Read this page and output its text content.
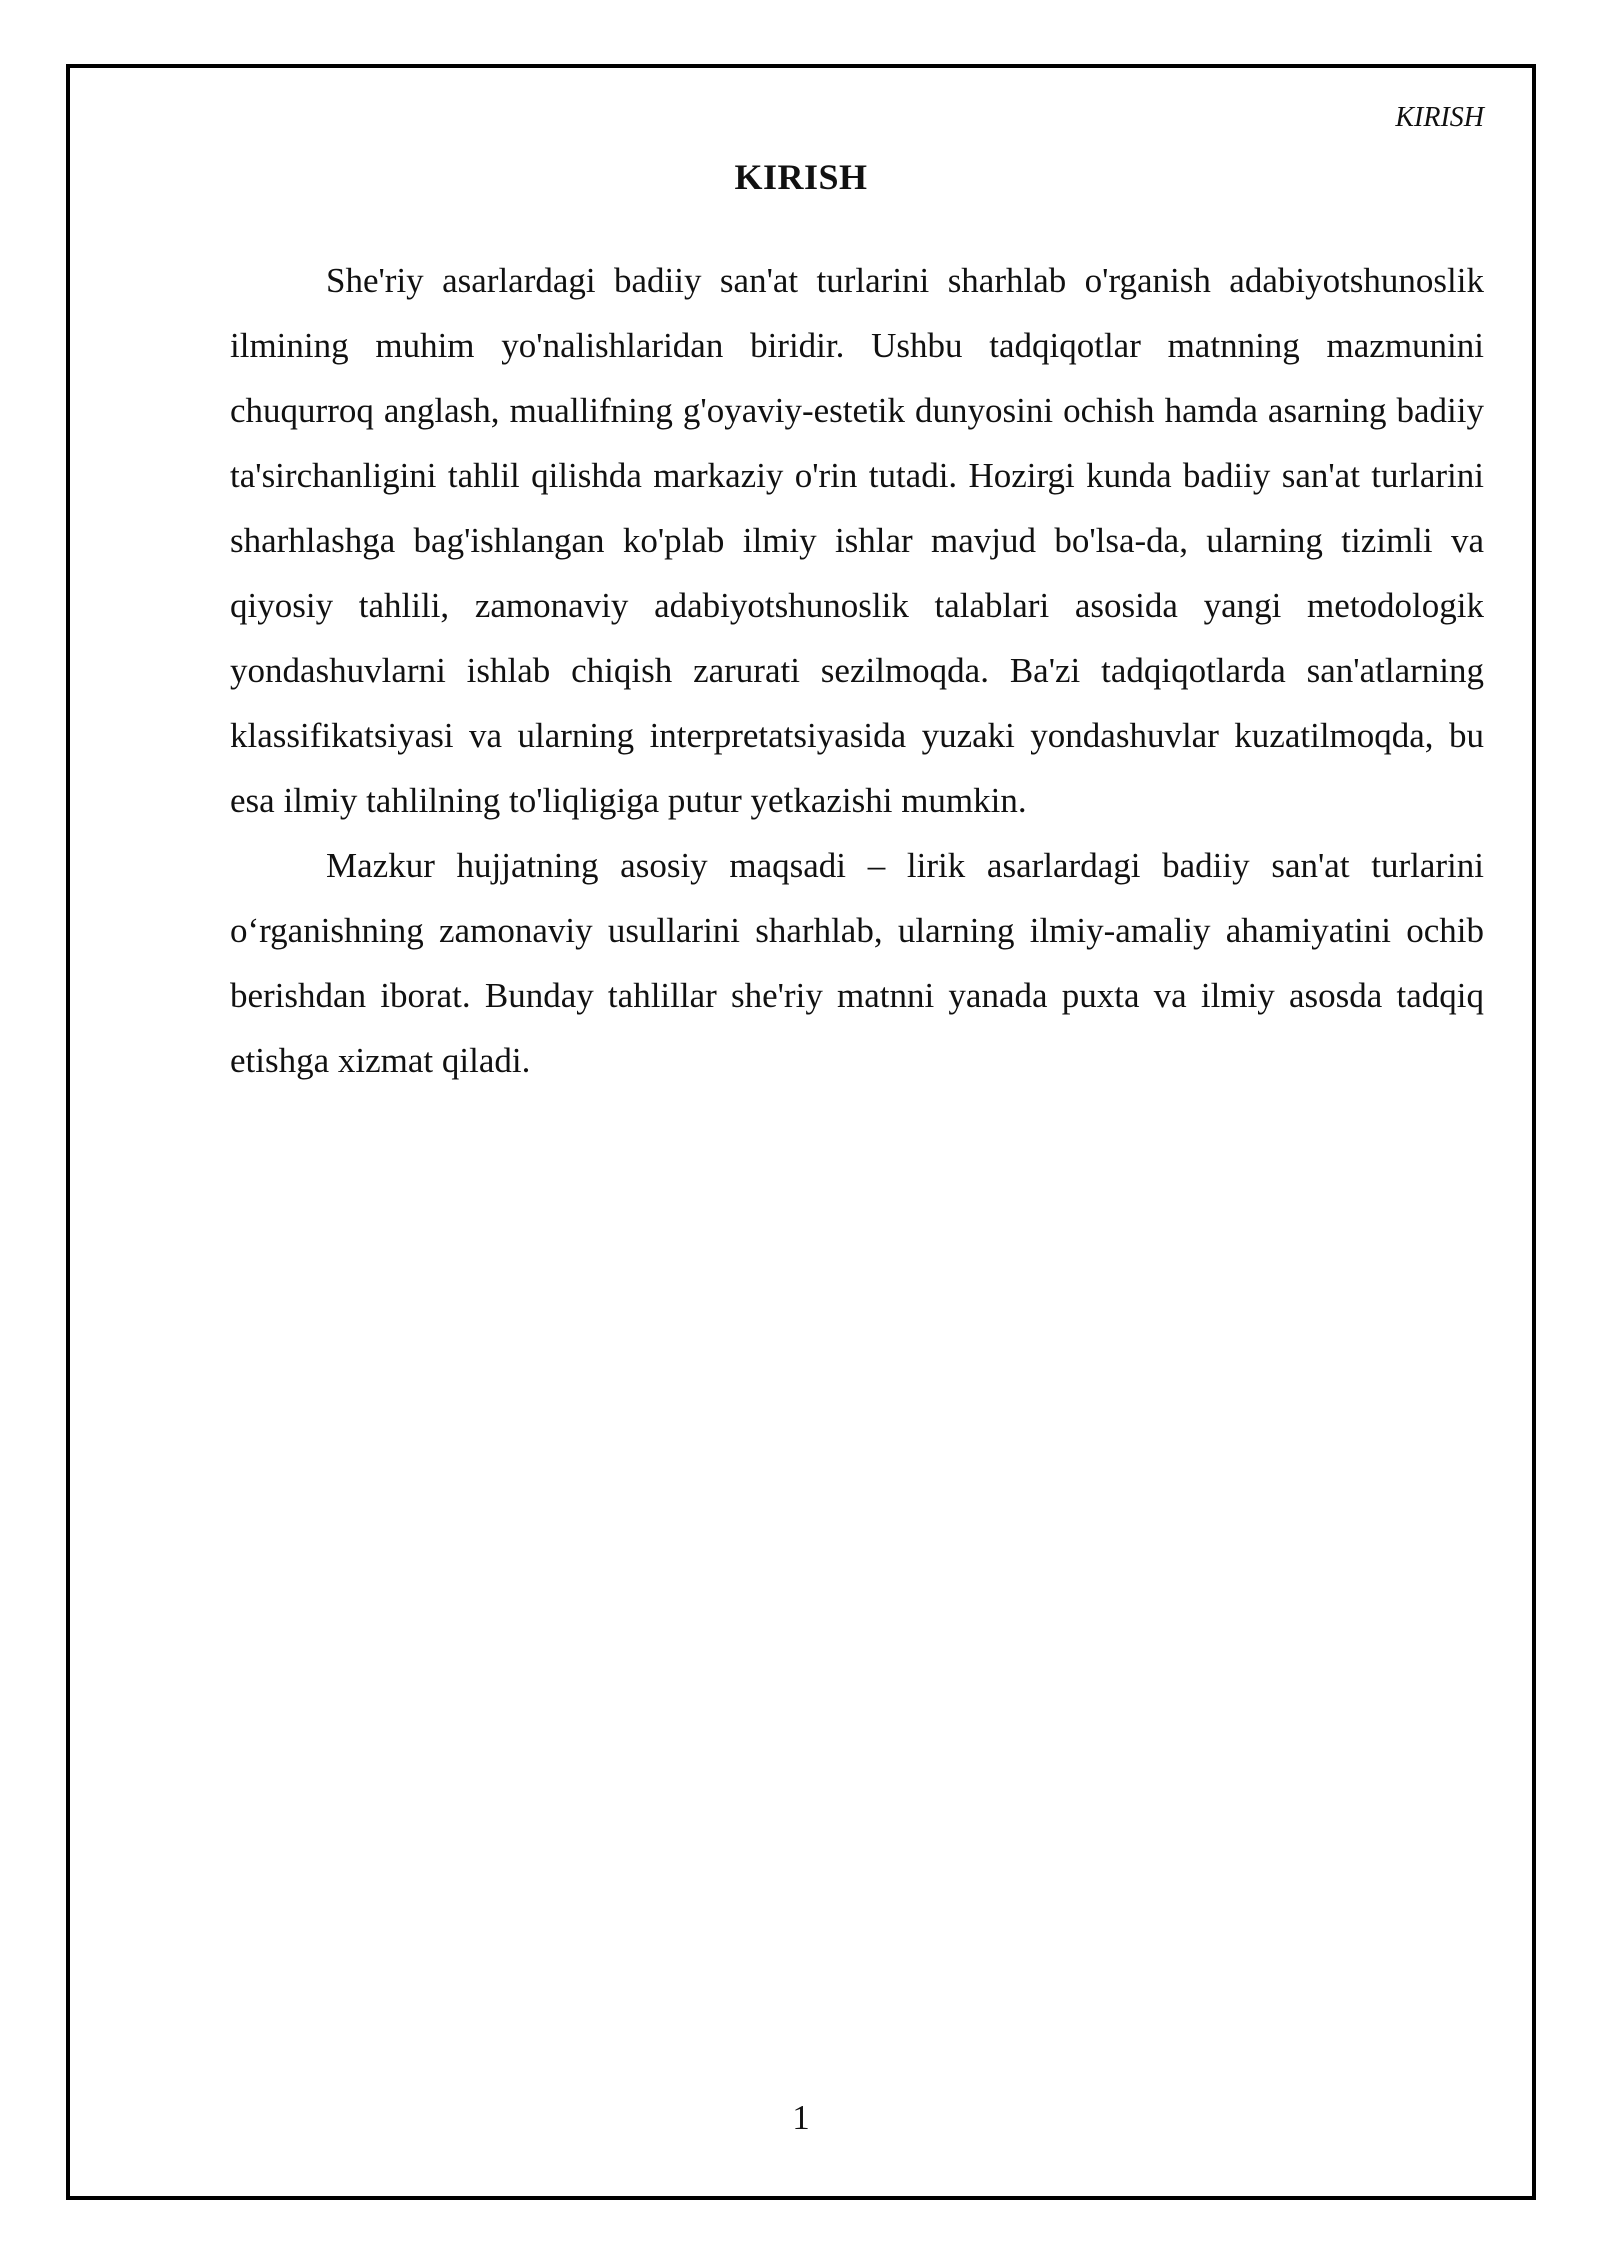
KIRISH
KIRISH

She'riy asarlardagi badiiy san'at turlarini sharhlab o'rganish adabiyotshunoslik ilmining muhim yo'nalishlaridan biridir. Ushbu tadqiqotlar matnning mazmunini chuqurroq anglash, muallifning g'oyaviy-estetik dunyosini ochish hamda asarning badiiy ta'sirchanligini tahlil qilishda markaziy o'rin tutadi. Hozirgi kunda badiiy san'at turlarini sharhlashga bag'ishlangan ko'plab ilmiy ishlar mavjud bo'lsa-da, ularning tizimli va qiyosiy tahlili, zamonaviy adabiyotshunoslik talablari asosida yangi metodologik yondashuvlarni ishlab chiqish zarurati sezilmoqda. Ba'zi tadqiqotlarda san'atlarning klassifikatsiyasi va ularning interpretatsiyasida yuzaki yondashuvlar kuzatilmoqda, bu esa ilmiy tahlilning to'liqligiga putur yetkazishi mumkin.

Mazkur hujjatning asosiy maqsadi – lirik asarlardagi badiiy san'at turlarini o‘rganishning zamonaviy usullarini sharhlab, ularning ilmiy-amaliy ahamiyatini ochib berishdan iborat. Bunday tahlillar she'riy matnni yanada puxta va ilmiy asosda tadqiq etishga xizmat qiladi.

1
